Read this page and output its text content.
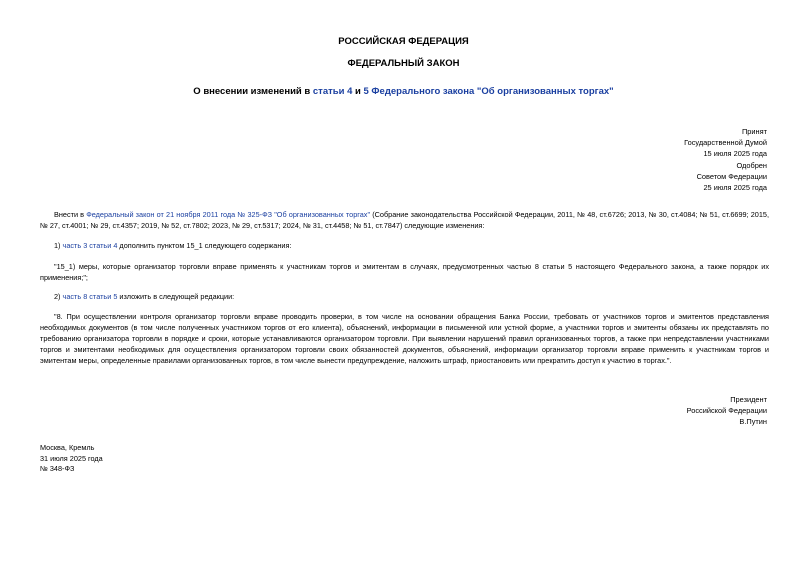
РОССИЙСКАЯ ФЕДЕРАЦИЯ
ФЕДЕРАЛЬНЫЙ ЗАКОН
О внесении изменений в статьи 4 и 5 Федерального закона "Об организованных торгах"
Принят
Государственной Думой
15 июля 2025 года
Одобрен
Советом Федерации
25 июля 2025 года
Внести в Федеральный закон от 21 ноября 2011 года № 325-ФЗ "Об организованных торгах" (Собрание законодательства Российской Федерации, 2011, № 48, ст.6726; 2013, № 30, ст.4084; № 51, ст.6699; 2015, № 27, ст.4001; № 29, ст.4357; 2019, № 52, ст.7802; 2023, № 29, ст.5317; 2024, № 31, ст.4458; № 51, ст.7847) следующие изменения:
1) часть 3 статьи 4 дополнить пунктом 15_1 следующего содержания:
"15_1) меры, которые организатор торговли вправе применять к участникам торгов и эмитентам в случаях, предусмотренных частью 8 статьи 5 настоящего Федерального закона, а также порядок их применения;";
2) часть 8 статьи 5 изложить в следующей редакции:
"8. При осуществлении контроля организатор торговли вправе проводить проверки, в том числе на основании обращения Банка России, требовать от участников торгов и эмитентов представления необходимых документов (в том числе полученных участником торгов от его клиента), объяснений, информации в письменной или устной форме, а участники торгов и эмитенты обязаны их представлять по требованию организатора торговли в порядке и сроки, которые устанавливаются организатором торговли. При выявлении нарушений правил организованных торгов, а также при непредставлении участниками торгов и эмитентами необходимых для осуществления организатором торговли своих обязанностей документов, объяснений, информации организатор торговли вправе применить к участникам торгов и эмитентам меры, определенные правилами организованных торгов, в том числе вынести предупреждение, наложить штраф, приостановить или прекратить доступ к участию в торгах.".
Президент
Российской Федерации
В.Путин
Москва, Кремль
31 июля 2025 года
№ 348-ФЗ
